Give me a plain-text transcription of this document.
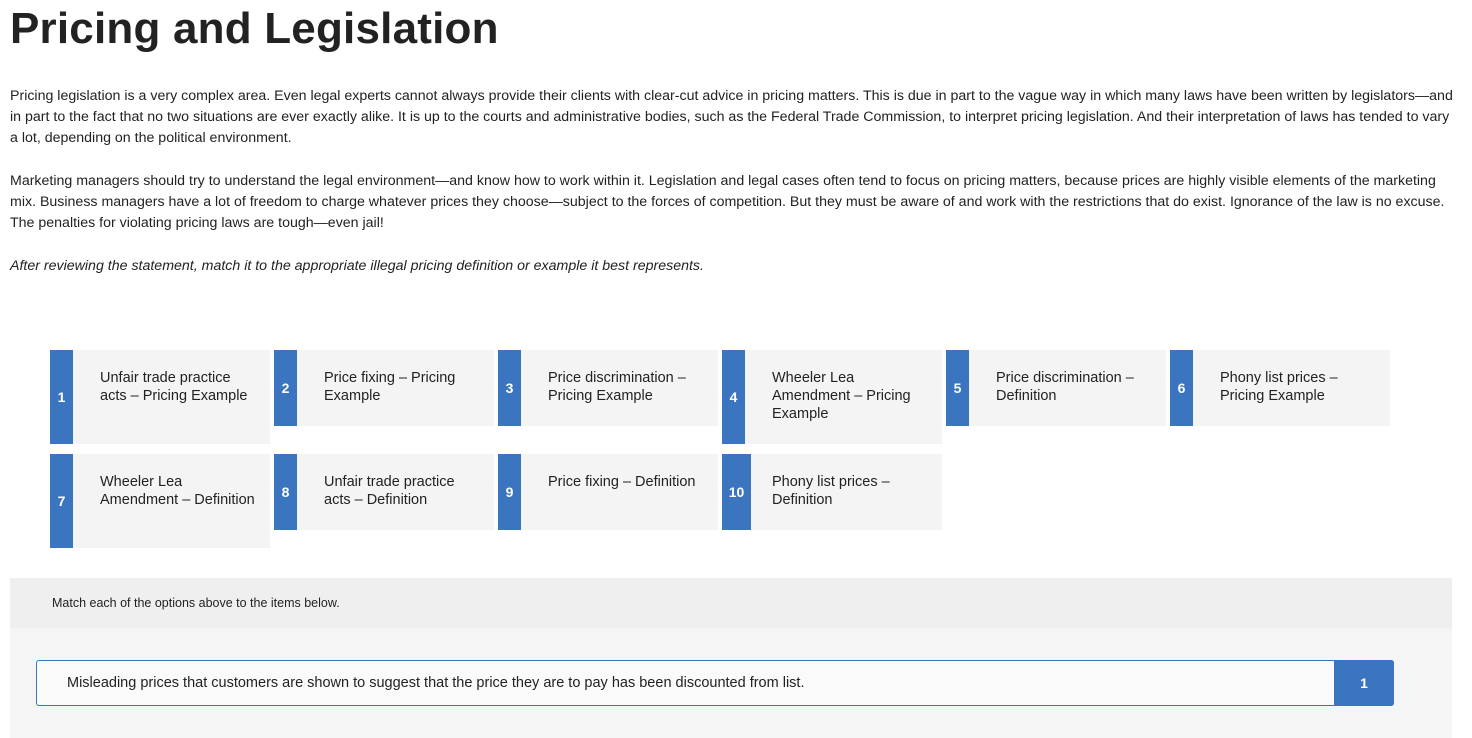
Pricing and Legislation

Pricing legislation is a very complex area. Even legal experts cannot always provide their clients with clear-cut advice in pricing matters. This is due in part to the vague way in which many laws have been written by legislators—and in part to the fact that no two situations are ever exactly alike. It is up to the courts and administrative bodies, such as the Federal Trade Commission, to interpret pricing legislation. And their interpretation of laws has tended to vary a lot, depending on the political environment.

Marketing managers should try to understand the legal environment—and know how to work within it. Legislation and legal cases often tend to focus on pricing matters, because prices are highly visible elements of the marketing mix. Business managers have a lot of freedom to charge whatever prices they choose—subject to the forces of competition. But they must be aware of and work with the restrictions that do exist. Ignorance of the law is no excuse. The penalties for violating pricing laws are tough—even jail!

After reviewing the statement, match it to the appropriate illegal pricing definition or example it best represents.

1
Unfair trade practice acts – Pricing Example	2
Price fixing – Pricing Example	3
Price discrimination – Pricing Example	4
Wheeler Lea Amendment – Pricing Example
5
Price discrimination – Definition	6
Phony list prices – Pricing Example
7
Wheeler Lea Amendment – Definition	8
Unfair trade practice acts – Definition	9
Price fixing – Definition
10
Phony list prices – Definition
Match each of the options above to the items below.
Misleading prices that customers are shown to suggest that the price they are to pay has been discounted from list.	1
